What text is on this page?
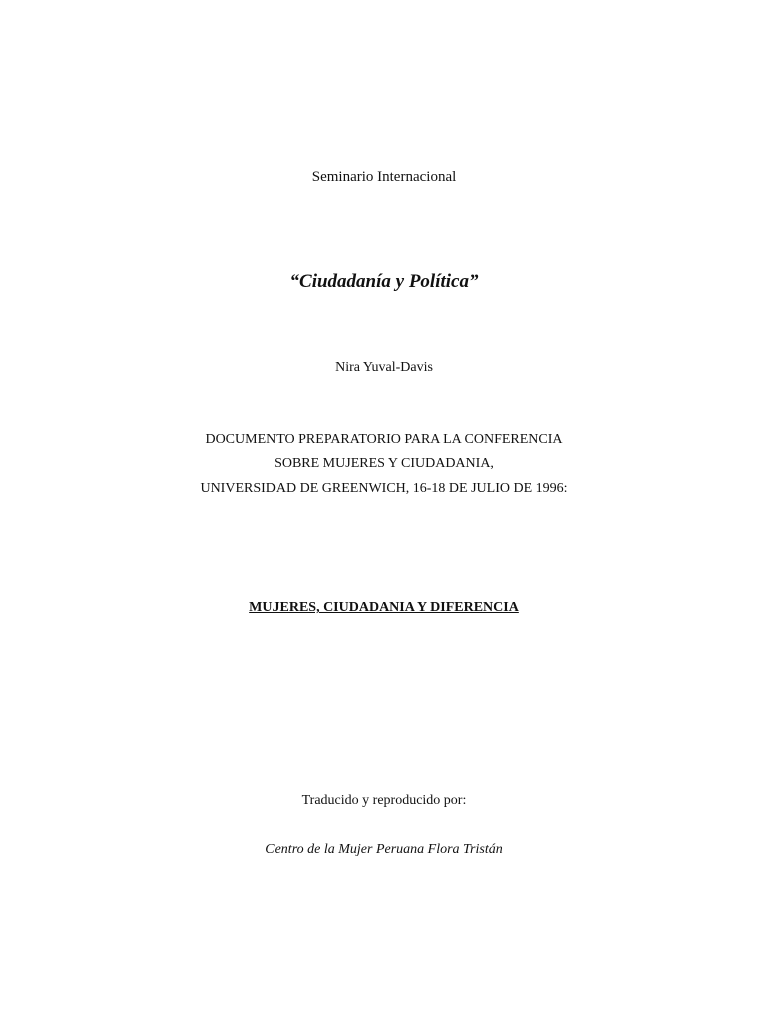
Seminario Internacional
“Ciudadanía y Política”
Nira Yuval-Davis
DOCUMENTO PREPARATORIO PARA LA CONFERENCIA
SOBRE MUJERES Y CIUDADANIA,
UNIVERSIDAD DE GREENWICH, 16-18 DE JULIO DE 1996:
MUJERES, CIUDADANIA Y DIFERENCIA
Traducido y reproducido por:
Centro de la Mujer Peruana Flora Tristán
